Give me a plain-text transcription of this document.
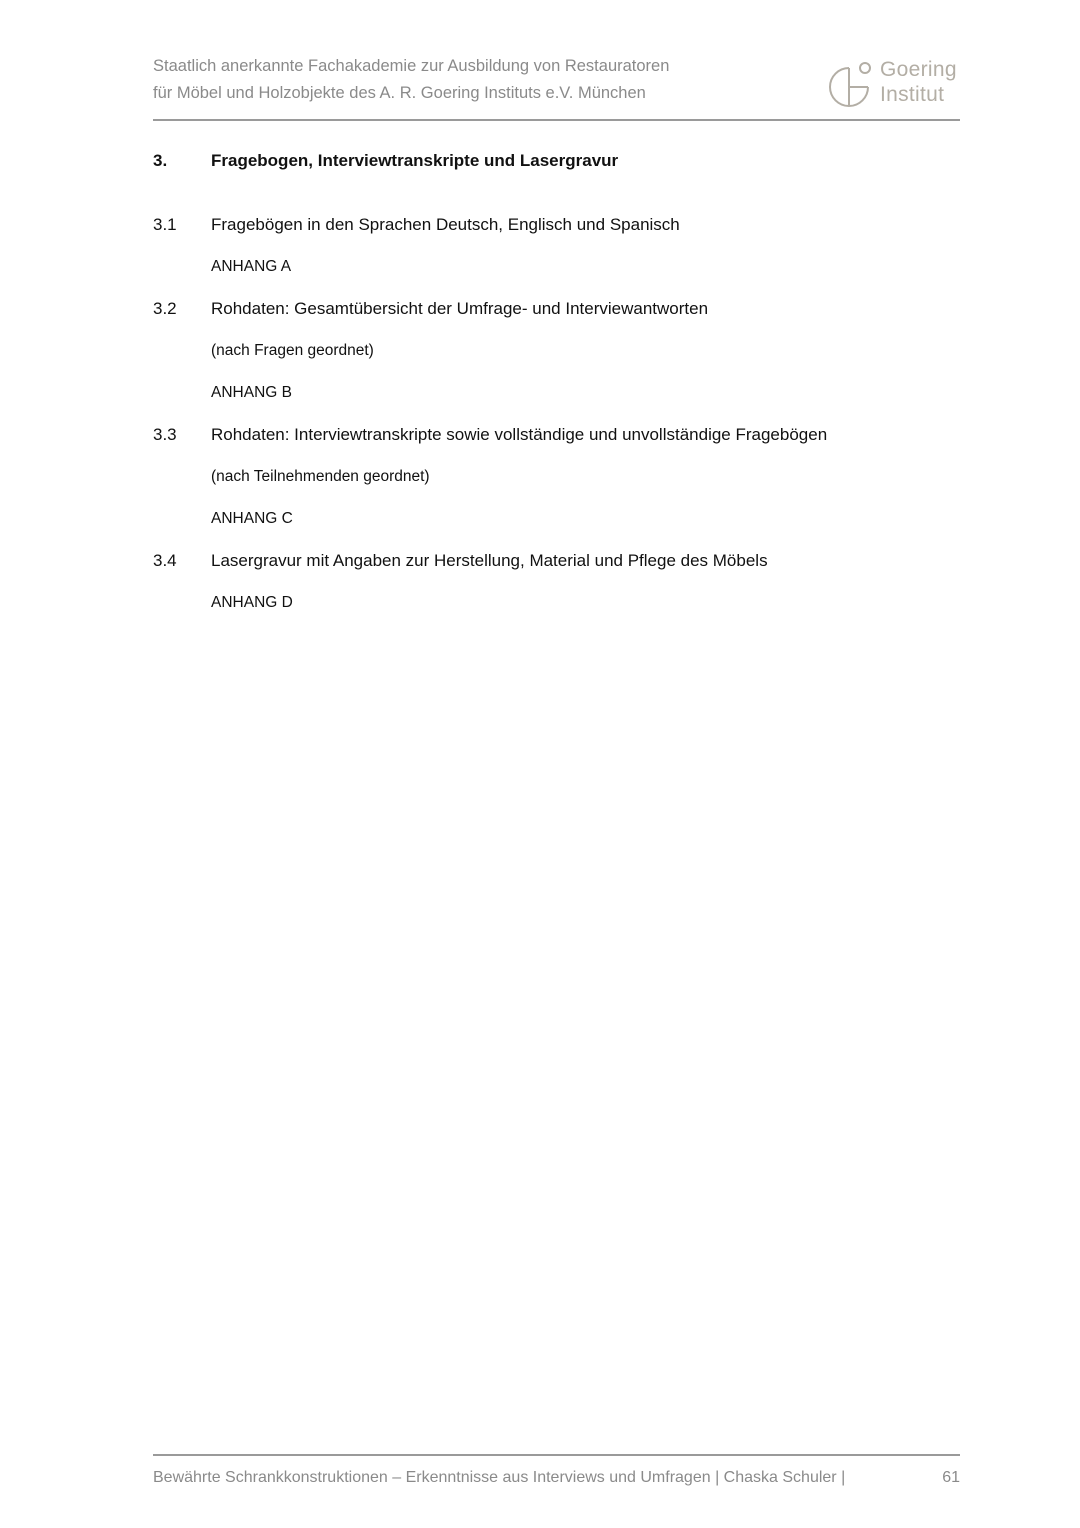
Staatlich anerkannte Fachakademie zur Ausbildung von Restauratoren
für Möbel und Holzobjekte des A. R. Goering Instituts e.V. München
Goering
Institut
3.	Fragebogen, Interviewtranskripte und Lasergravur
3.1	Fragebögen in den Sprachen Deutsch, Englisch und Spanisch
ANHANG A
3.2	Rohdaten: Gesamtübersicht der Umfrage- und Interviewantworten
(nach Fragen geordnet)
ANHANG B
3.3	Rohdaten: Interviewtranskripte sowie vollständige und unvollständige Fragebögen
(nach Teilnehmenden geordnet)
ANHANG C
3.4	Lasergravur mit Angaben zur Herstellung, Material und Pflege des Möbels
ANHANG D
Bewährte Schrankkonstruktionen – Erkenntnisse aus Interviews und Umfragen | Chaska Schuler |	61
